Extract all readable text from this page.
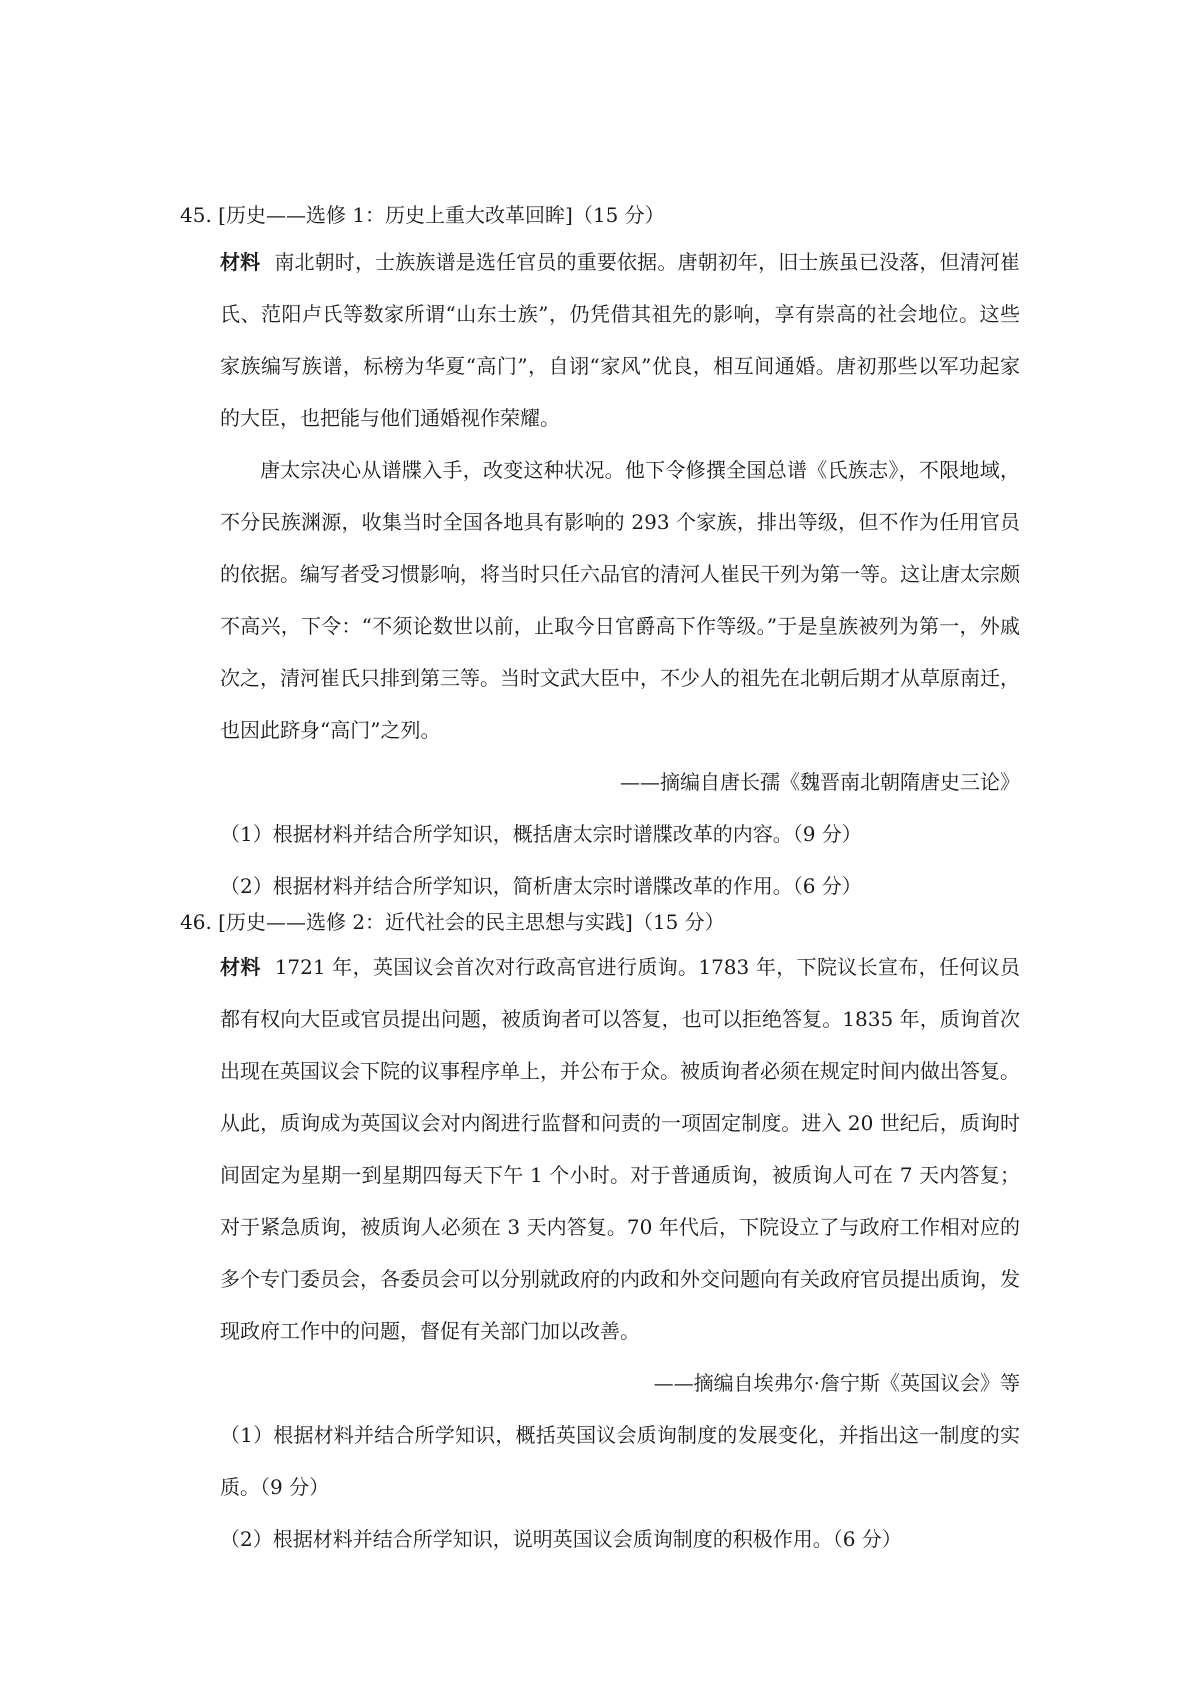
45. [历史——选修 1：历史上重大改革回眸]（15 分）

材料 南北朝时，士族族谱是选任官员的重要依据。唐朝初年，旧士族虽已没落，但清河崔氏、范阳卢氏等数家所谓“山东士族”，仍凭借其祖先的影响，享有崇高的社会地位。这些家族编写族谱，标榜为华夏“高门”，自诩“家风”优良，相互间通婚。唐初那些以军功起家的大臣，也把能与他们通婚视作荣耀。

唐太宗决心从谱牒入手，改变这种状况。他下令修撰全国总谱《氏族志》，不限地域，不分民族渊源，收集当时全国各地具有影响的 293 个家族，排出等级，但不作为任用官员的依据。编写者受习惯影响，将当时只任六品官的清河人崔民干列为第一等。这让唐太宗颇不高兴，下令：“不须论数世以前，止取今日官爵高下作等级。”于是皇族被列为第一，外戚次之，清河崔氏只排到第三等。当时文武大臣中，不少人的祖先在北朝后期才从草原南迁，也因此跻身“高门”之列。

——摘编自唐长孺《魏晋南北朝隋唐史三论》

（1）根据材料并结合所学知识，概括唐太宗时谱牒改革的内容。（9 分）

（2）根据材料并结合所学知识，简析唐太宗时谱牒改革的作用。（6 分）

46. [历史——选修 2：近代社会的民主思想与实践]（15 分）

材料 1721 年，英国议会首次对行政高官进行质询。1783 年，下院议长宣布，任何议员都有权向大臣或官员提出问题，被质询者可以答复，也可以拒绝答复。1835 年，质询首次出现在英国议会下院的议事程序单上，并公布于众。被质询者必须在规定时间内做出答复。从此，质询成为英国议会对内阁进行监督和问责的一项固定制度。进入 20 世纪后，质询时间固定为星期一到星期四每天下午 1 个小时。对于普通质询，被质询人可在 7 天内答复；对于紧急质询，被质询人必须在 3 天内答复。70 年代后，下院设立了与政府工作相对应的多个专门委员会，各委员会可以分别就政府的内政和外交问题向有关政府官员提出质询，发现政府工作中的问题，督促有关部门加以改善。

——摘编自埃弗尔·詹宁斯《英国议会》等

（1）根据材料并结合所学知识，概括英国议会质询制度的发展变化，并指出这一制度的实质。（9 分）

（2）根据材料并结合所学知识，说明英国议会质询制度的积极作用。（6 分）
